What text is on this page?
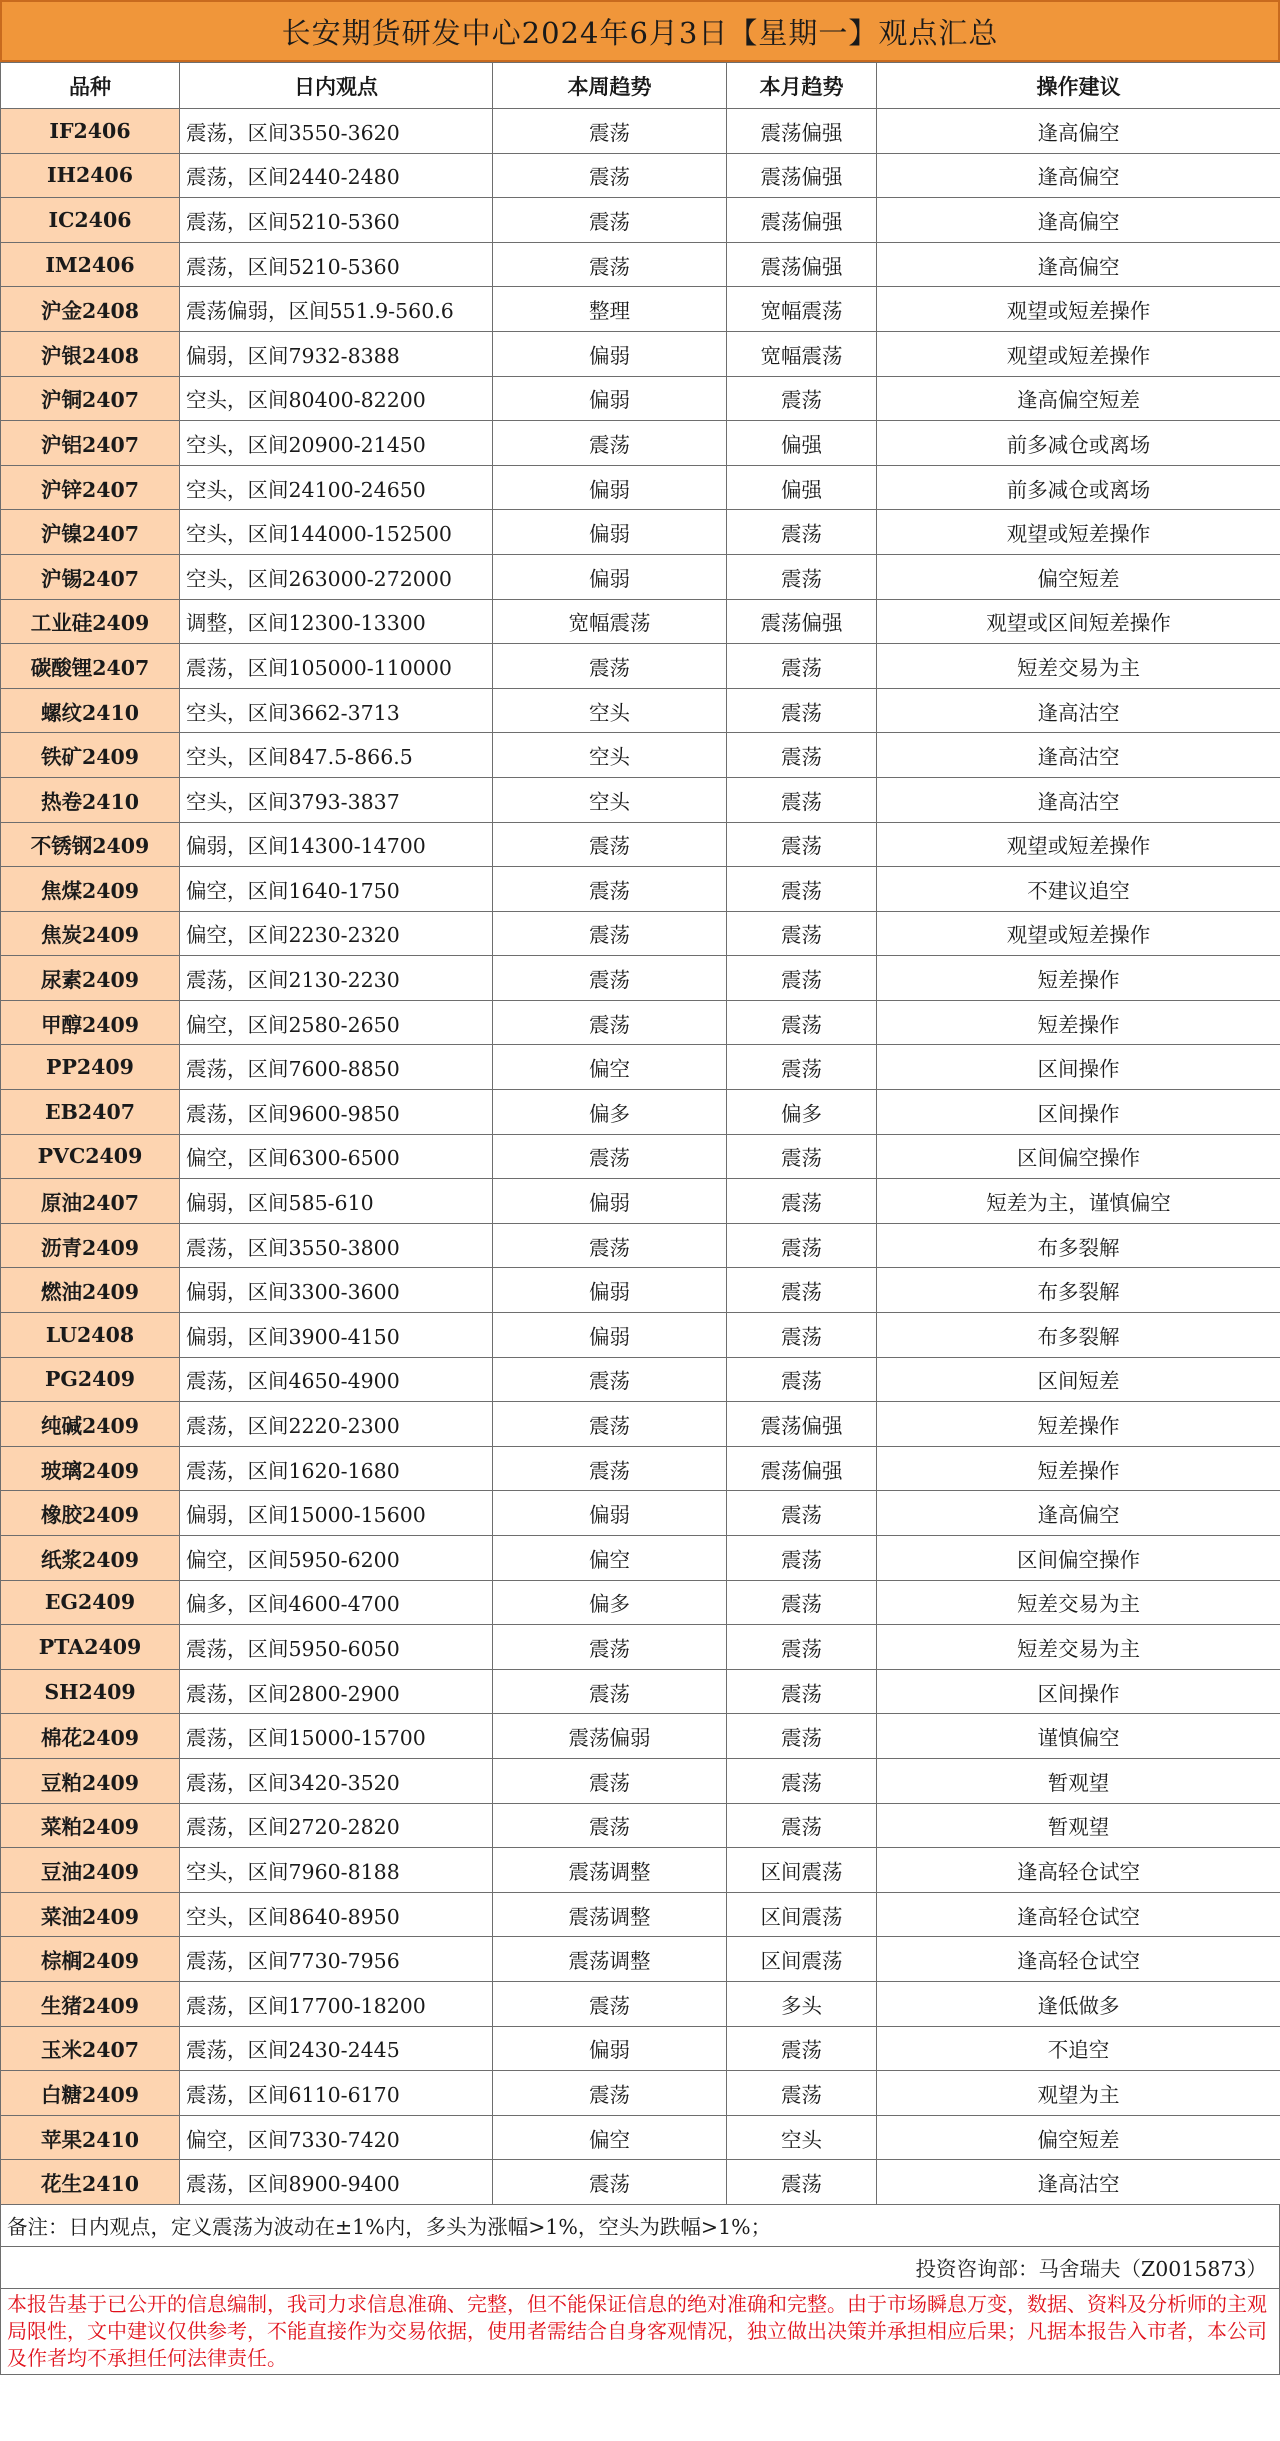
长安期货研发中心2024年6月3日【星期一】观点汇总
品种	日内观点	本周趋势	本月趋势	操作建议
IF2406	震荡，区间3550-3620	震荡	震荡偏强	逢高偏空
IH2406	震荡，区间2440-2480	震荡	震荡偏强	逢高偏空
IC2406	震荡，区间5210-5360	震荡	震荡偏强	逢高偏空
IM2406	震荡，区间5210-5360	震荡	震荡偏强	逢高偏空
沪金2408	震荡偏弱，区间551.9-560.6	整理	宽幅震荡	观望或短差操作
沪银2408	偏弱，区间7932-8388	偏弱	宽幅震荡	观望或短差操作
沪铜2407	空头，区间80400-82200	偏弱	震荡	逢高偏空短差
沪铝2407	空头，区间20900-21450	震荡	偏强	前多减仓或离场
沪锌2407	空头，区间24100-24650	偏弱	偏强	前多减仓或离场
沪镍2407	空头，区间144000-152500	偏弱	震荡	观望或短差操作
沪锡2407	空头，区间263000-272000	偏弱	震荡	偏空短差
工业硅2409	调整，区间12300-13300	宽幅震荡	震荡偏强	观望或区间短差操作
碳酸锂2407	震荡，区间105000-110000	震荡	震荡	短差交易为主
螺纹2410	空头，区间3662-3713	空头	震荡	逢高沽空
铁矿2409	空头，区间847.5-866.5	空头	震荡	逢高沽空
热卷2410	空头，区间3793-3837	空头	震荡	逢高沽空
不锈钢2409	偏弱，区间14300-14700	震荡	震荡	观望或短差操作
焦煤2409	偏空，区间1640-1750	震荡	震荡	不建议追空
焦炭2409	偏空，区间2230-2320	震荡	震荡	观望或短差操作
尿素2409	震荡，区间2130-2230	震荡	震荡	短差操作
甲醇2409	偏空，区间2580-2650	震荡	震荡	短差操作
PP2409	震荡，区间7600-8850	偏空	震荡	区间操作
EB2407	震荡，区间9600-9850	偏多	偏多	区间操作
PVC2409	偏空，区间6300-6500	震荡	震荡	区间偏空操作
原油2407	偏弱，区间585-610	偏弱	震荡	短差为主，谨慎偏空
沥青2409	震荡，区间3550-3800	震荡	震荡	布多裂解
燃油2409	偏弱，区间3300-3600	偏弱	震荡	布多裂解
LU2408	偏弱，区间3900-4150	偏弱	震荡	布多裂解
PG2409	震荡，区间4650-4900	震荡	震荡	区间短差
纯碱2409	震荡，区间2220-2300	震荡	震荡偏强	短差操作
玻璃2409	震荡，区间1620-1680	震荡	震荡偏强	短差操作
橡胶2409	偏弱，区间15000-15600	偏弱	震荡	逢高偏空
纸浆2409	偏空，区间5950-6200	偏空	震荡	区间偏空操作
EG2409	偏多，区间4600-4700	偏多	震荡	短差交易为主
PTA2409	震荡，区间5950-6050	震荡	震荡	短差交易为主
SH2409	震荡，区间2800-2900	震荡	震荡	区间操作
棉花2409	震荡，区间15000-15700	震荡偏弱	震荡	谨慎偏空
豆粕2409	震荡，区间3420-3520	震荡	震荡	暂观望
菜粕2409	震荡，区间2720-2820	震荡	震荡	暂观望
豆油2409	空头，区间7960-8188	震荡调整	区间震荡	逢高轻仓试空
菜油2409	空头，区间8640-8950	震荡调整	区间震荡	逢高轻仓试空
棕榈2409	震荡，区间7730-7956	震荡调整	区间震荡	逢高轻仓试空
生猪2409	震荡，区间17700-18200	震荡	多头	逢低做多
玉米2407	震荡，区间2430-2445	偏弱	震荡	不追空
白糖2409	震荡，区间6110-6170	震荡	震荡	观望为主
苹果2410	偏空，区间7330-7420	偏空	空头	偏空短差
花生2410	震荡，区间8900-9400	震荡	震荡	逢高沽空
备注：日内观点，定义震荡为波动在±1%内，多头为涨幅>1%，空头为跌幅>1%；
投资咨询部：马舍瑞夫（Z0015873）
本报告基于已公开的信息编制，我司力求信息准确、完整，但不能保证信息的绝对准确和完整。由于市场瞬息万变，数据、资料及分析师的主观局限性，文中建议仅供参考，不能直接作为交易依据，使用者需结合自身客观情况，独立做出决策并承担相应后果；凡据本报告入市者，本公司及作者均不承担任何法律责任。
